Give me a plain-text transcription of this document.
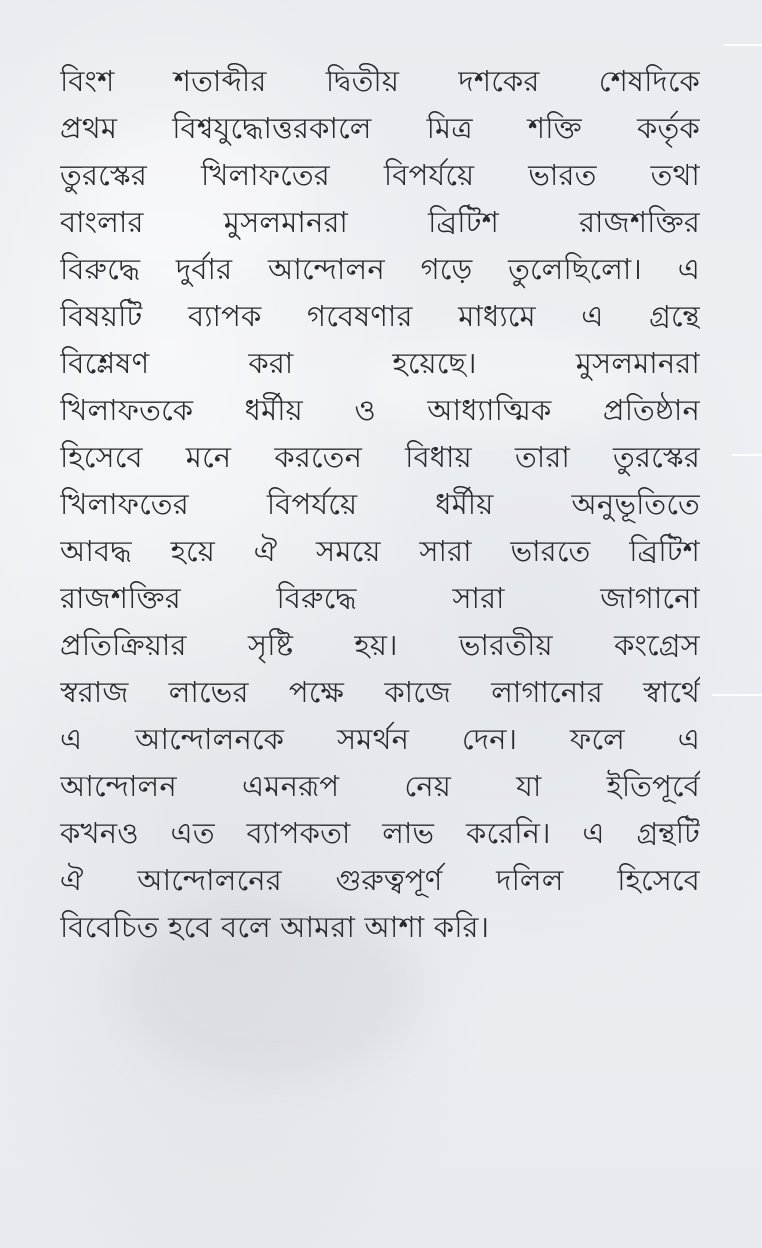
বিংশ শতাব্দীর দ্বিতীয় দশকের শেষদিকে
প্রথম বিশ্বযুদ্ধোত্তরকালে মিত্র শক্তি কর্তৃক
তুরস্কের খিলাফতের বিপর্যয়ে ভারত তথা
বাংলার মুসলমানরা ব্রিটিশ রাজশক্তির
বিরুদ্ধে দুর্বার আন্দোলন গড়ে তুলেছিলো। এ
বিষয়টি ব্যাপক গবেষণার মাধ্যমে এ গ্রন্থে
বিশ্লেষণ করা হয়েছে। মুসলমানরা
খিলাফতকে ধর্মীয় ও আধ্যাত্মিক প্রতিষ্ঠান
হিসেবে মনে করতেন বিধায় তারা তুরস্কের
খিলাফতের বিপর্যয়ে ধর্মীয় অনুভূতিতে
আবদ্ধ হয়ে ঐ সময়ে সারা ভারতে ব্রিটিশ
রাজশক্তির বিরুদ্ধে সারা জাগানো
প্রতিক্রিয়ার সৃষ্টি হয়। ভারতীয় কংগ্রেস
স্বরাজ লাভের পক্ষে কাজে লাগানোর স্বার্থে
এ আন্দোলনকে সমর্থন দেন। ফলে এ
আন্দোলন এমনরূপ নেয় যা ইতিপূর্বে
কখনও এত ব্যাপকতা লাভ করেনি। এ গ্রন্থটি
ঐ আন্দোলনের গুরুত্বপূর্ণ দলিল হিসেবে
বিবেচিত হবে বলে আমরা আশা করি।
